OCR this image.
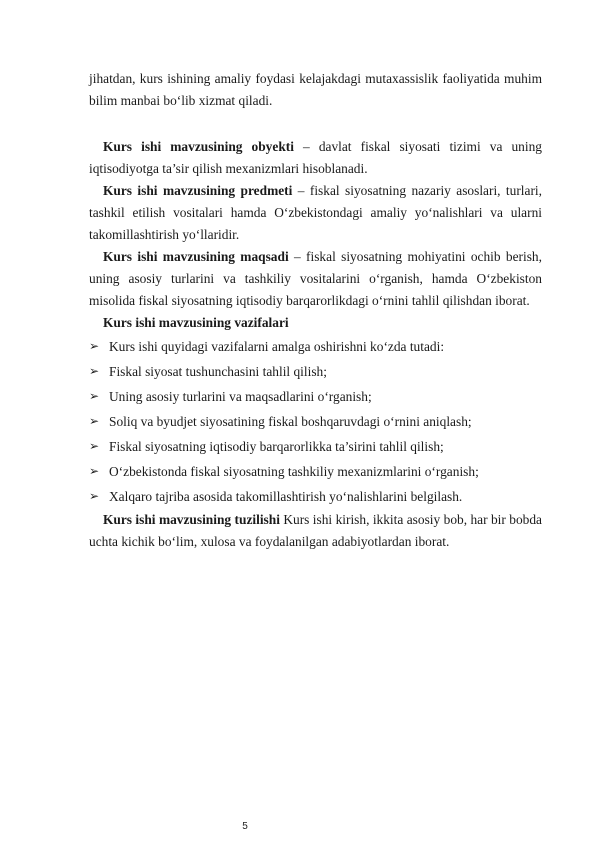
jihatdan, kurs ishining amaliy foydasi kelajakdagi mutaxassislik faoliyatida muhim bilim manbai bo‘lib xizmat qiladi.

Kurs ishi mavzusining obyekti – davlat fiskal siyosati tizimi va uning iqtisodiyotga ta’sir qilish mexanizmlari hisoblanadi.

Kurs ishi mavzusining predmeti – fiskal siyosatning nazariy asoslari, turlari, tashkil etilish vositalari hamda O‘zbekistondagi amaliy yo‘nalishlari va ularni takomillashtirish yo‘llaridir.

Kurs ishi mavzusining maqsadi – fiskal siyosatning mohiyatini ochib berish, uning asosiy turlarini va tashkiliy vositalarini o‘rganish, hamda O‘zbekiston misolida fiskal siyosatning iqtisodiy barqarorlikdagi o‘rnini tahlil qilishdan iborat.

Kurs ishi mavzusining vazifalari

➢ Kurs ishi quyidagi vazifalarni amalga oshirishni ko‘zda tutadi:
➢ Fiskal siyosat tushunchasini tahlil qilish;
➢ Uning asosiy turlarini va maqsadlarini o‘rganish;
➢ Soliq va byudjet siyosatining fiskal boshqaruvdagi o‘rnini aniqlash;
➢ Fiskal siyosatning iqtisodiy barqarorlikka ta’sirini tahlil qilish;
➢ O‘zbekistonda fiskal siyosatning tashkiliy mexanizmlarini o‘rganish;
➢ Xalqaro tajriba asosida takomillashtirish yo‘nalishlarini belgilash.

Kurs ishi mavzusining tuzilishi Kurs ishi kirish, ikkita asosiy bob, har bir bobda uchta kichik bo‘lim, xulosa va foydalanilgan adabiyotlardan iborat.

5
